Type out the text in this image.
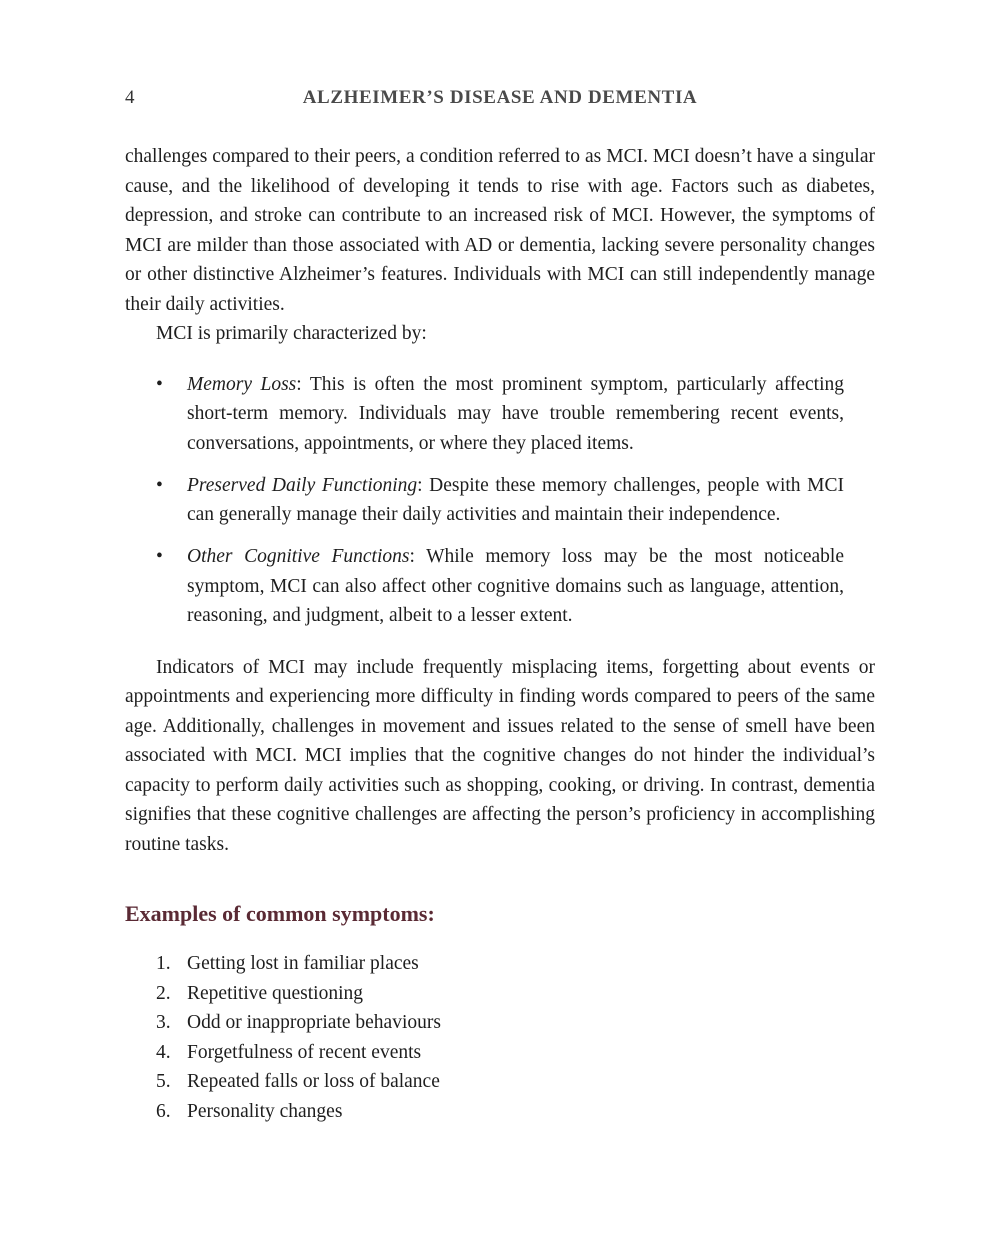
4	ALZHEIMER’S DISEASE AND DEMENTIA

challenges compared to their peers, a condition referred to as MCI. MCI doesn’t have a singular cause, and the likelihood of developing it tends to rise with age. Factors such as diabetes, depression, and stroke can contribute to an increased risk of MCI. However, the symptoms of MCI are milder than those associated with AD or dementia, lacking severe personality changes or other distinctive Alzheimer’s features. Individuals with MCI can still independently manage their daily activities.

MCI is primarily characterized by:

• Memory Loss: This is often the most prominent symptom, particularly affecting short-term memory. Individuals may have trouble remembering recent events, conversations, appointments, or where they placed items.
• Preserved Daily Functioning: Despite these memory challenges, people with MCI can generally manage their daily activities and maintain their independence.
• Other Cognitive Functions: While memory loss may be the most noticeable symptom, MCI can also affect other cognitive domains such as language, attention, reasoning, and judgment, albeit to a lesser extent.

Indicators of MCI may include frequently misplacing items, forgetting about events or appointments and experiencing more difficulty in finding words compared to peers of the same age. Additionally, challenges in movement and issues related to the sense of smell have been associated with MCI. MCI implies that the cognitive changes do not hinder the individual’s capacity to perform daily activities such as shopping, cooking, or driving. In contrast, dementia signifies that these cognitive challenges are affecting the person’s proficiency in accomplishing routine tasks.

Examples of common symptoms:
1. Getting lost in familiar places
2. Repetitive questioning
3. Odd or inappropriate behaviours
4. Forgetfulness of recent events
5. Repeated falls or loss of balance
6. Personality changes
